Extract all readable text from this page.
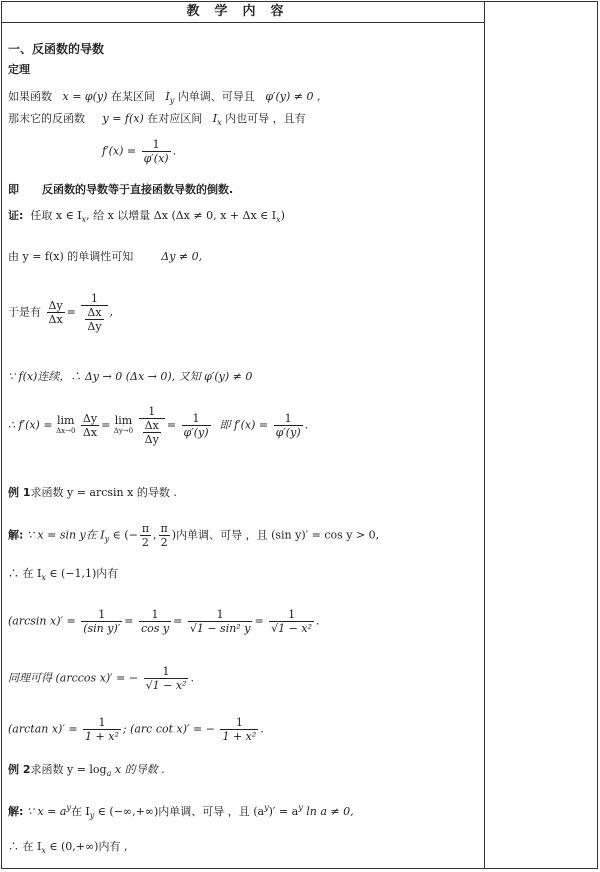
教学内容
一、反函数的导数
定理
如果函数 x = φ(y) 在某区间 $I_y$ 内单调、可导且 φ′(y) ≠ 0 ,
那末它的反函数 y = f(x) 在对应区间 $I_x$ 内也可导 ，且有
$f'(x) = \frac{1}{\varphi'(x)}$ .
即 反函数的导数等于直接函数导数的倒数.
证: 任取 x ∈ $I_x$, 给 x 以增量 Δx (Δx ≠ 0, x + Δx ∈ $I_x$)
由 y = f(x) 的单调性可知	Δy ≠ 0,
于是有 $\frac{\Delta y}{\Delta x} = \frac{1}{\frac{\Delta x}{\Delta y}}$ ,
∵ f(x)连续，∴ Δy → 0 (Δx → 0), 又知 φ′(y) ≠ 0
∴ f′(x) = lim
Δx→0
$\frac{\Delta y}{\Delta x} = \lim$
Δy→0
$\frac{1}{\frac{\Delta x}{\Delta y}} = \frac{1}{\varphi'(y)}$ 即 $f'(x) = \frac{1}{\varphi'(y)}$ .
例 1求函数 y = arcsin x 的导数 .
解: ∵ x = sin y在 $I_y$ ∈ (− $\frac{\pi}{2}$ , $\frac{\pi}{2}$ )内单调、可导 ，且 (sin y)′ = cos y > 0,
∴ 在 $I_x$ ∈ (−1,1)内有
(arcsin $x)' = \frac{1}{\text{(sin y)′}} = \frac{1}{\text{cos y}} = \frac{1}{\text{√1 − sin² y}} = \frac{1}{\text{√1 − x²}}$ .
同理可得 (arccos x)′ = − $\frac{1}{\text{√1 − x²}}$ .
(arctan $x)' = \frac{1}{\text{1 + x²}}$ ; (arc cot x)′ = − $\frac{1}{\text{1 + x²}}$ .
例 2求函数 $y = \log_a x$ 的导数 .
解: ∵ $x = a^y$在 $I_y$ ∈ (−∞,+∞)内单调、可导 ，且 $(a^y)' = a^y$ ln a ≠ 0,
∴ 在 $I_x$ ∈ (0,+∞)内有 ,
